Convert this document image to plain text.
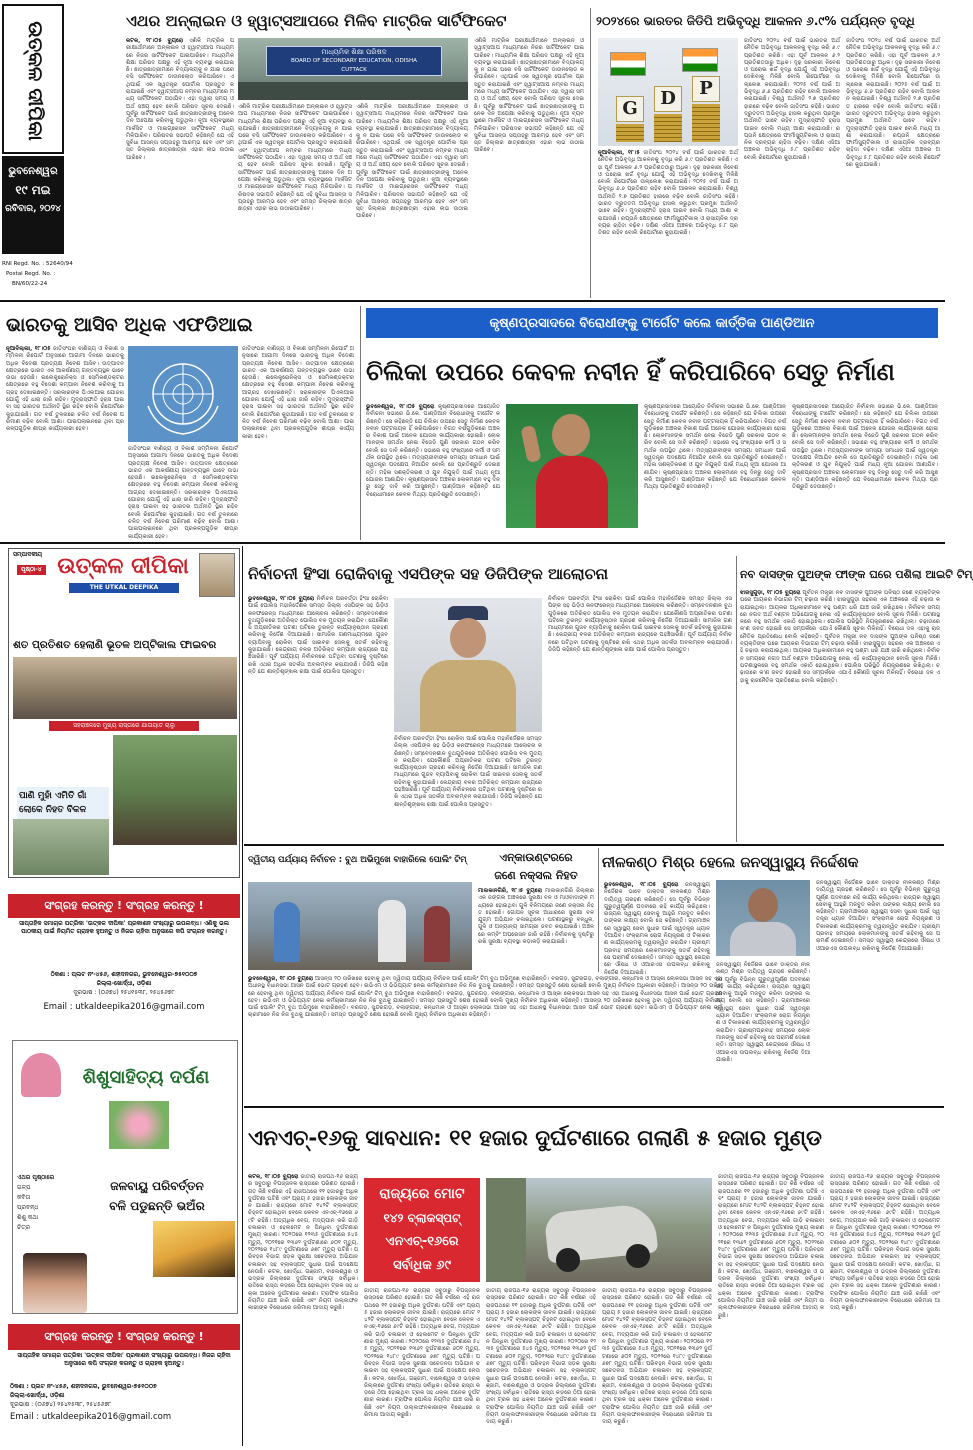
ଉତ୍କଳ ଦୀପିକା
ଭୁବନେଶ୍ୱର
୧୯ ମଇ
ରବିବାର, ୨୦୨୪
RNI Regd. No. : 52640/94
Postal Regd. No. :
BN/60/22-24
ଏଥର ଅନ୍‌ଲାଇନ ଓ ହ୍ୱାଟ୍ସଆପରେ ମିଳିବ ମାଟ୍ରିକ ସାର୍ଟିଫିକେଟ
କଟକ, ୧୮।୦୫ ବ୍ୟୁରୋ ଏଣିକି ମାଟ୍ରିକ ପରୀକ୍ଷାର୍ଥୀମାନେ ଅନ୍‌ଲାଇନ ଓ ହ୍ୱାଟ୍ସଆପ ମାଧ୍ୟମରେ ନିଜର ସାର୍ଟିଫିକେଟ ପାଇପାରିବେ। ମାଧ୍ୟମିକ ଶିକ୍ଷା ପରିଷଦ ପକ୍ଷରୁ ଏହି ନୂଆ ବ୍ୟବସ୍ଥା କରାଯାଇଛି। ଛାତ୍ରଛାତ୍ରୀମାନେ ବିଦ୍ୟାଳୟକୁ ନ ଯାଇ ଘରେ ବସି ସାର୍ଟିଫିକେଟ ଡାଉନଲୋଡ କରିପାରିବେ। ଏଥିପାଇଁ ଏକ ସ୍ୱତନ୍ତ୍ର ପୋର୍ଟାଲ ପ୍ରସ୍ତୁତ କରାଯାଇଛି ଏବଂ ହ୍ୱାଟ୍ସଆପ ନମ୍ବର ମାଧ୍ୟମରେ ମଧ୍ୟ ସାର୍ଟିଫିକେଟ ପଠାଯିବ। ଏହା ଦ୍ୱାରା ସମୟ ଓ ଅର୍ଥ ସଞ୍ଚୟ ହେବ ବୋଲି ପରିଷଦ ସୂଚନା ଦେଇଛି। ପୂର୍ବରୁ ସାର୍ଟିଫିକେଟ ପାଇଁ ଛାତ୍ରଛାତ୍ରୀଙ୍କୁ ଅନେକ ଦିନ ଅପେକ୍ଷା କରିବାକୁ ପଡୁଥିଲା। ନୂଆ ବ୍ୟବସ୍ଥାରେ ମାର୍କସିଟ ଓ ମାଇଗ୍ରେସନ ସାର୍ଟିଫିକେଟ ମଧ୍ୟ ମିଳିପାରିବ। ପରିଷଦର ସଭାପତି କହିଛନ୍ତି ଯେ ଏହି ସୁବିଧା ଆସନ୍ତା ସପ୍ତାହରୁ ଆରମ୍ଭ ହେବ ଏବଂ ସମସ୍ତ ଜିଲ୍ଲାର ଛାତ୍ରଛାତ୍ରୀ ଏହାର ଲାଭ ଉଠାଇପାରିବେ।
ମାଧ୍ୟମିକ ଶିକ୍ଷା ପରିଷଦ
BOARD OF SECONDARY EDUCATION, ODISHA
CUTTACK
ଏଣିକି ମାଟ୍ରିକ ପରୀକ୍ଷାର୍ଥୀମାନେ ଅନ୍‌ଲାଇନ ଓ ହ୍ୱାଟ୍ସଆପ ମାଧ୍ୟମରେ ନିଜର ସାର୍ଟିଫିକେଟ ପାଇପାରିବେ। ମାଧ୍ୟମିକ ଶିକ୍ଷା ପରିଷଦ ପକ୍ଷରୁ ଏହି ନୂଆ ବ୍ୟବସ୍ଥା କରାଯାଇଛି। ଛାତ୍ରଛାତ୍ରୀମାନେ ବିଦ୍ୟାଳୟକୁ ନ ଯାଇ ଘରେ ବସି ସାର୍ଟିଫିକେଟ ଡାଉନଲୋଡ କରିପାରିବେ। ଏଥିପାଇଁ ଏକ ସ୍ୱତନ୍ତ୍ର ପୋର୍ଟାଲ ପ୍ରସ୍ତୁତ କରାଯାଇଛି ଏବଂ ହ୍ୱାଟ୍ସଆପ ନମ୍ବର ମାଧ୍ୟମରେ ମଧ୍ୟ ସାର୍ଟିଫିକେଟ ପଠାଯିବ। ଏହା ଦ୍ୱାରା ସମୟ ଓ ଅର୍ଥ ସଞ୍ଚୟ ହେବ ବୋଲି ପରିଷଦ ସୂଚନା ଦେଇଛି। ପୂର୍ବରୁ ସାର୍ଟିଫିକେଟ ପାଇଁ ଛାତ୍ରଛାତ୍ରୀଙ୍କୁ ଅନେକ ଦିନ ଅପେକ୍ଷା କରିବାକୁ ପଡୁଥିଲା। ନୂଆ ବ୍ୟବସ୍ଥାରେ ମାର୍କସିଟ ଓ ମାଇଗ୍ରେସନ ସାର୍ଟିଫିକେଟ ମଧ୍ୟ ମିଳିପାରିବ। ପରିଷଦର ସଭାପତି କହିଛନ୍ତି ଯେ ଏହି ସୁବିଧା ଆସନ୍ତା ସପ୍ତାହରୁ ଆରମ୍ଭ ହେବ ଏବଂ ସମସ୍ତ ଜିଲ୍ଲାର ଛାତ୍ରଛାତ୍ରୀ ଏହାର ଲାଭ ଉଠାଇପାରିବେ।
ଏଣିକି ମାଟ୍ରିକ ପରୀକ୍ଷାର୍ଥୀମାନେ ଅନ୍‌ଲାଇନ ଓ ହ୍ୱାଟ୍ସଆପ ମାଧ୍ୟମରେ ନିଜର ସାର୍ଟିଫିକେଟ ପାଇପାରିବେ। ମାଧ୍ୟମିକ ଶିକ୍ଷା ପରିଷଦ ପକ୍ଷରୁ ଏହି ନୂଆ ବ୍ୟବସ୍ଥା କରାଯାଇଛି। ଛାତ୍ରଛାତ୍ରୀମାନେ ବିଦ୍ୟାଳୟକୁ ନ ଯାଇ ଘରେ ବସି ସାର୍ଟିଫିକେଟ ଡାଉନଲୋଡ କରିପାରିବେ। ଏଥିପାଇଁ ଏକ ସ୍ୱତନ୍ତ୍ର ପୋର୍ଟାଲ ପ୍ରସ୍ତୁତ କରାଯାଇଛି ଏବଂ ହ୍ୱାଟ୍ସଆପ ନମ୍ବର ମାଧ୍ୟମରେ ମଧ୍ୟ ସାର୍ଟିଫିକେଟ ପଠାଯିବ। ଏହା ଦ୍ୱାରା ସମୟ ଓ ଅର୍ଥ ସଞ୍ଚୟ ହେବ ବୋଲି ପରିଷଦ ସୂଚନା ଦେଇଛି। ପୂର୍ବରୁ ସାର୍ଟିଫିକେଟ ପାଇଁ ଛାତ୍ରଛାତ୍ରୀଙ୍କୁ ଅନେକ ଦିନ ଅପେକ୍ଷା କରିବାକୁ ପଡୁଥିଲା। ନୂଆ ବ୍ୟବସ୍ଥାରେ ମାର୍କସିଟ ଓ ମାଇଗ୍ରେସନ ସାର୍ଟିଫିକେଟ ମଧ୍ୟ ମିଳିପାରିବ। ପରିଷଦର ସଭାପତି କହିଛନ୍ତି ଯେ ଏହି ସୁବିଧା ଆସନ୍ତା ସପ୍ତାହରୁ ଆରମ୍ଭ ହେବ ଏବଂ ସମସ୍ତ ଜିଲ୍ଲାର ଛାତ୍ରଛାତ୍ରୀ ଏହାର ଲାଭ ଉଠାଇପାରିବେ।
ଏଣିକି ମାଟ୍ରିକ ପରୀକ୍ଷାର୍ଥୀମାନେ ଅନ୍‌ଲାଇନ ଓ ହ୍ୱାଟ୍ସଆପ ମାଧ୍ୟମରେ ନିଜର ସାର୍ଟିଫିକେଟ ପାଇପାରିବେ। ମାଧ୍ୟମିକ ଶିକ୍ଷା ପରିଷଦ ପକ୍ଷରୁ ଏହି ନୂଆ ବ୍ୟବସ୍ଥା କରାଯାଇଛି। ଛାତ୍ରଛାତ୍ରୀମାନେ ବିଦ୍ୟାଳୟକୁ ନ ଯାଇ ଘରେ ବସି ସାର୍ଟିଫିକେଟ ଡାଉନଲୋଡ କରିପାରିବେ। ଏଥିପାଇଁ ଏକ ସ୍ୱତନ୍ତ୍ର ପୋର୍ଟାଲ ପ୍ରସ୍ତୁତ କରାଯାଇଛି ଏବଂ ହ୍ୱାଟ୍ସଆପ ନମ୍ବର ମାଧ୍ୟମରେ ମଧ୍ୟ ସାର୍ଟିଫିକେଟ ପଠାଯିବ। ଏହା ଦ୍ୱାରା ସମୟ ଓ ଅର୍ଥ ସଞ୍ଚୟ ହେବ ବୋଲି ପରିଷଦ ସୂଚନା ଦେଇଛି। ପୂର୍ବରୁ ସାର୍ଟିଫିକେଟ ପାଇଁ ଛାତ୍ରଛାତ୍ରୀଙ୍କୁ ଅନେକ ଦିନ ଅପେକ୍ଷା କରିବାକୁ ପଡୁଥିଲା। ନୂଆ ବ୍ୟବସ୍ଥାରେ ମାର୍କସିଟ ଓ ମାଇଗ୍ରେସନ ସାର୍ଟିଫିକେଟ ମଧ୍ୟ ମିଳିପାରିବ। ପରିଷଦର ସଭାପତି କହିଛନ୍ତି ଯେ ଏହି ସୁବିଧା ଆସନ୍ତା ସପ୍ତାହରୁ ଆରମ୍ଭ ହେବ ଏବଂ ସମସ୍ତ ଜିଲ୍ଲାର ଛାତ୍ରଛାତ୍ରୀ ଏହାର ଲାଭ ଉଠାଇପାରିବେ।
୨୦୨୪ରେ ଭାରତର ଜିଡିପି ଅଭିବୃଦ୍ଧି ଆକଳନ ୬.୯% ପର୍ଯ୍ୟନ୍ତ ବୃଦ୍ଧି
G	D	P
ନୂଆଦିଲ୍ଲୀ, ୧୮।୫ ଜାତିସଂଘ ୨୦୨୪ ବର୍ଷ ପାଇଁ ଭାରତର ଅର୍ଥନୈତିକ ଅଭିବୃଦ୍ଧି ଆକଳନକୁ ବୃଦ୍ଧି କରି ୬.୯ ପ୍ରତିଶତ କରିଛି। ଏହା ପୂର୍ବ ଆକଳନ ୬.୨ ପ୍ରତିଶତଠାରୁ ଅଧିକ। ଦୃଢ଼ ସରକାରୀ ନିବେଶ ଓ ଘରୋଇ ଖର୍ଚ୍ଚ ବୃଦ୍ଧି ଯୋଗୁଁ ଏହି ଅଭିବୃଦ୍ଧି ଦେଖିବାକୁ ମିଳିଛି ବୋଲି ରିପୋର୍ଟରେ ଉଲ୍ଲେଖ କରାଯାଇଛି। ୨୦୨୫ ବର୍ଷ ପାଇଁ ଅଭିବୃଦ୍ଧି ୬.୬ ପ୍ରତିଶତ ରହିବ ବୋଲି ଆକଳନ କରାଯାଇଛି। ବିଶ୍ୱ ଅର୍ଥନୀତି ୨.୭ ପ୍ରତିଶତ ହାରରେ ବଢ଼ିବ ବୋଲି ଜାତିସଂଘ କହିଛି। ଭାରତ ଦ୍ରୁତତମ ଅଭିବୃଦ୍ଧି ହାସଲ କରୁଥିବା ପ୍ରମୁଖ ଅର୍ଥନୀତି ଭାବେ ରହିବ। ମୁଦ୍ରାସ୍ଫୀତି ହ୍ରାସ ପାଇବ ବୋଲି ମଧ୍ୟ ଆଶା କରାଯାଉଛି। ରପ୍ତାନି କ୍ଷେତ୍ରରେ ଫାର୍ମାସ୍ୟୁଟିକାଲ ଓ ରାସାୟନିକ ଦ୍ରବ୍ୟର ଚାହିଦା ବଢ଼ିବ। ଦକ୍ଷିଣ ଏସିଆ ଅଞ୍ଚଳର ଅଭିବୃଦ୍ଧି ୫.୮ ପ୍ରତିଶତ ରହିବ ବୋଲି ରିପୋର୍ଟରେ କୁହାଯାଇଛି।
ଜାତିସଂଘ ୨୦୨୪ ବର୍ଷ ପାଇଁ ଭାରତର ଅର୍ଥନୈତିକ ଅଭିବୃଦ୍ଧି ଆକଳନକୁ ବୃଦ୍ଧି କରି ୬.୯ ପ୍ରତିଶତ କରିଛି। ଏହା ପୂର୍ବ ଆକଳନ ୬.୨ ପ୍ରତିଶତଠାରୁ ଅଧିକ। ଦୃଢ଼ ସରକାରୀ ନିବେଶ ଓ ଘରୋଇ ଖର୍ଚ୍ଚ ବୃଦ୍ଧି ଯୋଗୁଁ ଏହି ଅଭିବୃଦ୍ଧି ଦେଖିବାକୁ ମିଳିଛି ବୋଲି ରିପୋର୍ଟରେ ଉଲ୍ଲେଖ କରାଯାଇଛି। ୨୦୨୫ ବର୍ଷ ପାଇଁ ଅଭିବୃଦ୍ଧି ୬.୬ ପ୍ରତିଶତ ରହିବ ବୋଲି ଆକଳନ କରାଯାଇଛି। ବିଶ୍ୱ ଅର୍ଥନୀତି ୨.୭ ପ୍ରତିଶତ ହାରରେ ବଢ଼ିବ ବୋଲି ଜାତିସଂଘ କହିଛି। ଭାରତ ଦ୍ରୁତତମ ଅଭିବୃଦ୍ଧି ହାସଲ କରୁଥିବା ପ୍ରମୁଖ ଅର୍ଥନୀତି ଭାବେ ରହିବ। ମୁଦ୍ରାସ୍ଫୀତି ହ୍ରାସ ପାଇବ ବୋଲି ମଧ୍ୟ ଆଶା କରାଯାଉଛି। ରପ୍ତାନି କ୍ଷେତ୍ରରେ ଫାର୍ମାସ୍ୟୁଟିକାଲ ଓ ରାସାୟନିକ ଦ୍ରବ୍ୟର ଚାହିଦା ବଢ଼ିବ। ଦକ୍ଷିଣ ଏସିଆ ଅଞ୍ଚଳର ଅଭିବୃଦ୍ଧି ୫.୮ ପ୍ରତିଶତ ରହିବ ବୋଲି ରିପୋର୍ଟରେ କୁହାଯାଇଛି।
ଜାତିସଂଘ ୨୦୨୪ ବର୍ଷ ପାଇଁ ଭାରତର ଅର୍ଥନୈତିକ ଅଭିବୃଦ୍ଧି ଆକଳନକୁ ବୃଦ୍ଧି କରି ୬.୯ ପ୍ରତିଶତ କରିଛି। ଏହା ପୂର୍ବ ଆକଳନ ୬.୨ ପ୍ରତିଶତଠାରୁ ଅଧିକ। ଦୃଢ଼ ସରକାରୀ ନିବେଶ ଓ ଘରୋଇ ଖର୍ଚ୍ଚ ବୃଦ୍ଧି ଯୋଗୁଁ ଏହି ଅଭିବୃଦ୍ଧି ଦେଖିବାକୁ ମିଳିଛି ବୋଲି ରିପୋର୍ଟରେ ଉଲ୍ଲେଖ କରାଯାଇଛି। ୨୦୨୫ ବର୍ଷ ପାଇଁ ଅଭିବୃଦ୍ଧି ୬.୬ ପ୍ରତିଶତ ରହିବ ବୋଲି ଆକଳନ କରାଯାଇଛି। ବିଶ୍ୱ ଅର୍ଥନୀତି ୨.୭ ପ୍ରତିଶତ ହାରରେ ବଢ଼ିବ ବୋଲି ଜାତିସଂଘ କହିଛି। ଭାରତ ଦ୍ରୁତତମ ଅଭିବୃଦ୍ଧି ହାସଲ କରୁଥିବା ପ୍ରମୁଖ ଅର୍ଥନୀତି ଭାବେ ରହିବ। ମୁଦ୍ରାସ୍ଫୀତି ହ୍ରାସ ପାଇବ ବୋଲି ମଧ୍ୟ ଆଶା କରାଯାଉଛି। ରପ୍ତାନି କ୍ଷେତ୍ରରେ ଫାର୍ମାସ୍ୟୁଟିକାଲ ଓ ରାସାୟନିକ ଦ୍ରବ୍ୟର ଚାହିଦା ବଢ଼ିବ। ଦକ୍ଷିଣ ଏସିଆ ଅଞ୍ଚଳର ଅଭିବୃଦ୍ଧି ୫.୮ ପ୍ରତିଶତ ରହିବ ବୋଲି ରିପୋର୍ଟରେ କୁହାଯାଇଛି।
ଭାରତକୁ ଆସିବ ଅଧିକ ଏଫଡିଆଇ
ନୂଆଦିଲ୍ଲୀ, ୧୮।୦୫ ଜାତିସଂଘର ବାଣିଜ୍ୟ ଓ ବିକାଶ ସମ୍ମିଳନୀ ରିପୋର୍ଟ ଅନୁସାରେ ଆଗାମୀ ଦିନରେ ଭାରତକୁ ଅଧିକ ବିଦେଶୀ ପ୍ରତ୍ୟକ୍ଷ ନିବେଶ ଆସିବ। ଉତ୍ପାଦନ କ୍ଷେତ୍ରରେ ଭାରତ ଏକ ଆକର୍ଷଣୀୟ ଗନ୍ତବ୍ୟସ୍ଥଳ ଭାବେ ଉଭା ହେଉଛି। ଇଲେକ୍ଟ୍ରୋନିକ୍ସ ଓ ସେମିକଣ୍ଡକ୍ଟର କ୍ଷେତ୍ରରେ ବହୁ ବିଦେଶୀ କମ୍ପାନୀ ନିବେଶ କରିବାକୁ ଆଗ୍ରହ ଦେଖାଇଛନ୍ତି। ସରକାରଙ୍କ ପିଏଲଆଇ ଯୋଜନା ଯୋଗୁଁ ଏହି ଧାରା ଜାରି ରହିବ। ମୁଦ୍ରାସ୍ଫୀତି ହ୍ରାସ ପାଇବା ସହ ଭାରତର ଅର୍ଥନୀତି ସ୍ଥିର ରହିବ ବୋଲି ରିପୋର୍ଟରେ କୁହାଯାଇଛି। ଗତ ବର୍ଷ ତୁଳନାରେ ଚଳିତ ବର୍ଷ ନିବେଶ ପରିମାଣ ବଢ଼ିବ ବୋଲି ଆଶା। ପାଇପଲାଇନରେ ଥିବା ପ୍ରକଳ୍ପଗୁଡ଼ିକ ଶୀଘ୍ର କାର୍ଯ୍ୟକାରୀ ହେବ।
ଜାତିସଂଘର ବାଣିଜ୍ୟ ଓ ବିକାଶ ସମ୍ମିଳନୀ ରିପୋର୍ଟ ଅନୁସାରେ ଆଗାମୀ ଦିନରେ ଭାରତକୁ ଅଧିକ ବିଦେଶୀ ପ୍ରତ୍ୟକ୍ଷ ନିବେଶ ଆସିବ। ଉତ୍ପାଦନ କ୍ଷେତ୍ରରେ ଭାରତ ଏକ ଆକର୍ଷଣୀୟ ଗନ୍ତବ୍ୟସ୍ଥଳ ଭାବେ ଉଭା ହେଉଛି। ଇଲେକ୍ଟ୍ରୋନିକ୍ସ ଓ ସେମିକଣ୍ଡକ୍ଟର କ୍ଷେତ୍ରରେ ବହୁ ବିଦେଶୀ କମ୍ପାନୀ ନିବେଶ କରିବାକୁ ଆଗ୍ରହ ଦେଖାଇଛନ୍ତି। ସରକାରଙ୍କ ପିଏଲଆଇ ଯୋଜନା ଯୋଗୁଁ ଏହି ଧାରା ଜାରି ରହିବ। ମୁଦ୍ରାସ୍ଫୀତି ହ୍ରାସ ପାଇବା ସହ ଭାରତର ଅର୍ଥନୀତି ସ୍ଥିର ରହିବ ବୋଲି ରିପୋର୍ଟରେ କୁହାଯାଇଛି। ଗତ ବର୍ଷ ତୁଳନାରେ ଚଳିତ ବର୍ଷ ନିବେଶ ପରିମାଣ ବଢ଼ିବ ବୋଲି ଆଶା। ପାଇପଲାଇନରେ ଥିବା ପ୍ରକଳ୍ପଗୁଡ଼ିକ ଶୀଘ୍ର କାର୍ଯ୍ୟକାରୀ ହେବ।
ଜାତିସଂଘର ବାଣିଜ୍ୟ ଓ ବିକାଶ ସମ୍ମିଳନୀ ରିପୋର୍ଟ ଅନୁସାରେ ଆଗାମୀ ଦିନରେ ଭାରତକୁ ଅଧିକ ବିଦେଶୀ ପ୍ରତ୍ୟକ୍ଷ ନିବେଶ ଆସିବ। ଉତ୍ପାଦନ କ୍ଷେତ୍ରରେ ଭାରତ ଏକ ଆକର୍ଷଣୀୟ ଗନ୍ତବ୍ୟସ୍ଥଳ ଭାବେ ଉଭା ହେଉଛି। ଇଲେକ୍ଟ୍ରୋନିକ୍ସ ଓ ସେମିକଣ୍ଡକ୍ଟର କ୍ଷେତ୍ରରେ ବହୁ ବିଦେଶୀ କମ୍ପାନୀ ନିବେଶ କରିବାକୁ ଆଗ୍ରହ ଦେଖାଇଛନ୍ତି। ସରକାରଙ୍କ ପିଏଲଆଇ ଯୋଜନା ଯୋଗୁଁ ଏହି ଧାରା ଜାରି ରହିବ। ମୁଦ୍ରାସ୍ଫୀତି ହ୍ରାସ ପାଇବା ସହ ଭାରତର ଅର୍ଥନୀତି ସ୍ଥିର ରହିବ ବୋଲି ରିପୋର୍ଟରେ କୁହାଯାଇଛି। ଗତ ବର୍ଷ ତୁଳନାରେ ଚଳିତ ବର୍ଷ ନିବେଶ ପରିମାଣ ବଢ଼ିବ ବୋଲି ଆଶା। ପାଇପଲାଇନରେ ଥିବା ପ୍ରକଳ୍ପଗୁଡ଼ିକ ଶୀଘ୍ର କାର୍ଯ୍ୟକାରୀ ହେବ।
କୃଷ୍ଣପ୍ରସାଦରେ ବିରୋଧୀଙ୍କୁ ଟାର୍ଗେଟ କଲେ କାର୍ତ୍ତିକ ପାଣ୍ଡିଆନ
ଚିଲିକା ଉପରେ କେବଳ ନବୀନ ହିଁ କରିପାରିବେ ସେତୁ ନିର୍ମାଣ
ଭୁବନେଶ୍ୱର, ୧୮।୦୫ ବ୍ୟୁରୋ କୃଷ୍ଣପ୍ରସାଦରେ ଆୟୋଜିତ ନିର୍ବାଚନୀ ସଭାରେ ଭି.କେ. ପାଣ୍ଡିଆନ ବିରୋଧୀଙ୍କୁ ଟାର୍ଗେଟ କରିଛନ୍ତି। ସେ କହିଛନ୍ତି ଯେ ଚିଲିକା ଉପରେ ସେତୁ ନିର୍ମାଣ କେବଳ ନବୀନ ପଟ୍ଟନାୟକ ହିଁ କରିପାରିବେ। ବିଗତ ବର୍ଷଗୁଡ଼ିକରେ ଅଞ୍ଚଳର ବିକାଶ ପାଇଁ ଅନେକ ଯୋଜନା କାର୍ଯ୍ୟକାରୀ ହୋଇଛି। ଲୋକମାନଙ୍କ ସମର୍ଥନ ନେଇ ବିଜେଡି ପୁଣି ସରକାର ଗଠନ କରିବ ବୋଲି ସେ ଦାବି କରିଛନ୍ତି। ସଭାରେ ବହୁ ସଂଖ୍ୟାରେ କର୍ମୀ ଓ ସମର୍ଥକ ଉପସ୍ଥିତ ଥିଲେ। ମତ୍ସ୍ୟଜୀବୀଙ୍କ ସମସ୍ୟା ସମାଧାନ ପାଇଁ ସ୍ୱତନ୍ତ୍ର ପଦକ୍ଷେପ ନିଆଯିବ ବୋଲି ସେ ପ୍ରତିଶ୍ରୁତି ଦେଇଛନ୍ତି। ମହିଳା ସଶକ୍ତିକରଣ ଓ ଯୁବ ନିଯୁକ୍ତି ପାଇଁ ମଧ୍ୟ ନୂଆ ଯୋଜନା ଆଣାଯିବ। କୃଷ୍ଣପ୍ରସାଦ ଅଞ୍ଚଳର ଲୋକମାନେ ବହୁ ଦିନରୁ ସେତୁ ଦାବି କରି ଆସୁଛନ୍ତି। ପାଣ୍ଡିଆନ କହିଛନ୍ତି ଯେ ବିରୋଧୀମାନେ କେବଳ ମିଥ୍ୟା ପ୍ରତିଶ୍ରୁତି ଦେଉଛନ୍ତି।
କୃଷ୍ଣପ୍ରସାଦରେ ଆୟୋଜିତ ନିର୍ବାଚନୀ ସଭାରେ ଭି.କେ. ପାଣ୍ଡିଆନ ବିରୋଧୀଙ୍କୁ ଟାର୍ଗେଟ କରିଛନ୍ତି। ସେ କହିଛନ୍ତି ଯେ ଚିଲିକା ଉପରେ ସେତୁ ନିର୍ମାଣ କେବଳ ନବୀନ ପଟ୍ଟନାୟକ ହିଁ କରିପାରିବେ। ବିଗତ ବର୍ଷଗୁଡ଼ିକରେ ଅଞ୍ଚଳର ବିକାଶ ପାଇଁ ଅନେକ ଯୋଜନା କାର୍ଯ୍ୟକାରୀ ହୋଇଛି। ଲୋକମାନଙ୍କ ସମର୍ଥନ ନେଇ ବିଜେଡି ପୁଣି ସରକାର ଗଠନ କରିବ ବୋଲି ସେ ଦାବି କରିଛନ୍ତି। ସଭାରେ ବହୁ ସଂଖ୍ୟାରେ କର୍ମୀ ଓ ସମର୍ଥକ ଉପସ୍ଥିତ ଥିଲେ। ମତ୍ସ୍ୟଜୀବୀଙ୍କ ସମସ୍ୟା ସମାଧାନ ପାଇଁ ସ୍ୱତନ୍ତ୍ର ପଦକ୍ଷେପ ନିଆଯିବ ବୋଲି ସେ ପ୍ରତିଶ୍ରୁତି ଦେଇଛନ୍ତି। ମହିଳା ସଶକ୍ତିକରଣ ଓ ଯୁବ ନିଯୁକ୍ତି ପାଇଁ ମଧ୍ୟ ନୂଆ ଯୋଜନା ଆଣାଯିବ। କୃଷ୍ଣପ୍ରସାଦ ଅଞ୍ଚଳର ଲୋକମାନେ ବହୁ ଦିନରୁ ସେତୁ ଦାବି କରି ଆସୁଛନ୍ତି। ପାଣ୍ଡିଆନ କହିଛନ୍ତି ଯେ ବିରୋଧୀମାନେ କେବଳ ମିଥ୍ୟା ପ୍ରତିଶ୍ରୁତି ଦେଉଛନ୍ତି।
କୃଷ୍ଣପ୍ରସାଦରେ ଆୟୋଜିତ ନିର୍ବାଚନୀ ସଭାରେ ଭି.କେ. ପାଣ୍ଡିଆନ ବିରୋଧୀଙ୍କୁ ଟାର୍ଗେଟ କରିଛନ୍ତି। ସେ କହିଛନ୍ତି ଯେ ଚିଲିକା ଉପରେ ସେତୁ ନିର୍ମାଣ କେବଳ ନବୀନ ପଟ୍ଟନାୟକ ହିଁ କରିପାରିବେ। ବିଗତ ବର୍ଷଗୁଡ଼ିକରେ ଅଞ୍ଚଳର ବିକାଶ ପାଇଁ ଅନେକ ଯୋଜନା କାର୍ଯ୍ୟକାରୀ ହୋଇଛି। ଲୋକମାନଙ୍କ ସମର୍ଥନ ନେଇ ବିଜେଡି ପୁଣି ସରକାର ଗଠନ କରିବ ବୋଲି ସେ ଦାବି କରିଛନ୍ତି। ସଭାରେ ବହୁ ସଂଖ୍ୟାରେ କର୍ମୀ ଓ ସମର୍ଥକ ଉପସ୍ଥିତ ଥିଲେ। ମତ୍ସ୍ୟଜୀବୀଙ୍କ ସମସ୍ୟା ସମାଧାନ ପାଇଁ ସ୍ୱତନ୍ତ୍ର ପଦକ୍ଷେପ ନିଆଯିବ ବୋଲି ସେ ପ୍ରତିଶ୍ରୁତି ଦେଇଛନ୍ତି। ମହିଳା ସଶକ୍ତିକରଣ ଓ ଯୁବ ନିଯୁକ୍ତି ପାଇଁ ମଧ୍ୟ ନୂଆ ଯୋଜନା ଆଣାଯିବ। କୃଷ୍ଣପ୍ରସାଦ ଅଞ୍ଚଳର ଲୋକମାନେ ବହୁ ଦିନରୁ ସେତୁ ଦାବି କରି ଆସୁଛନ୍ତି। ପାଣ୍ଡିଆନ କହିଛନ୍ତି ଯେ ବିରୋଧୀମାନେ କେବଳ ମିଥ୍ୟା ପ୍ରତିଶ୍ରୁତି ଦେଉଛନ୍ତି।
ସମ୍ପାଦକୀୟ
ପୃଷ୍ଠା-୪ ଉତ୍କଳ ଦୀପିକା
THE UTKAL DEEPIKA
ଶତ ପ୍ରତିଶତ ହେଲାଣି ଭୂତଳ ଅପ୍‌ଟିକାଲ ଫାଇବର
ସହରାଞ୍ଚଳରେ ମୁଖ୍ୟ ରାସ୍ତାରେ ଯାତାୟାତ ଚାଲୁ
ପାଣି ମୁହାଁ ଏମିତି ଗାଁ ଲୋକେ ନିହତ ବିକଳ
ସଂଗ୍ରହ କରନ୍ତୁ ! ସଂଗ୍ରହ କରନ୍ତୁ !
ସାପ୍ତାହିକ ସମାଚାର ପତ୍ରିକା 'ଉତ୍କଳ ଦୀପିକା' ପ୍ରକାଶନ ସଂଖ୍ୟାରୁ ଉପଲବ୍ଧ। ଏଣିକୁ ଭଲ ପାଠକୀୟ ପାଇଁ ନିୟମିତ ଗ୍ରାହକ ହୁଅନ୍ତୁ ଓ ନିଜର ଚାହିଦା ଅନୁସାରେ କପି ସଂଗ୍ରହ କରନ୍ତୁ।
ଠିକଣା : ପ୍ଲଟ ନଂ-୪୫୬, ଶହୀଦନଗର, ଭୁବନେଶ୍ୱର-୭୫୧୦୦୭
ଜିଲ୍ଲା-ଖୋର୍ଦ୍ଧା, ଓଡ଼ିଶା
ଦୂରଭାଷ : (୦୬୭୪) ୨୫୪୧୫୩୮, ୨୫୪୫୬୭୮
Email : utkaldeepika2016@gmail.com
ଶିଶୁସାହିତ୍ୟ ଦର୍ପଣ
ଏଥର ପୃଷ୍ଠାରେ
ଗଳ୍ପ
କବିତା
ପ୍ରବନ୍ଧ
ଶିଶୁ କଥା
ଚିତ୍ର
ଜଳବାୟୁ ପରିବର୍ତ୍ତନ
ବଳି ପଡୁଛନ୍ତି ଭଅଁର
ସଂଗ୍ରହ କରନ୍ତୁ ! ସଂଗ୍ରହ କରନ୍ତୁ !
ସାପ୍ତାହିକ ସମାଚାର ପତ୍ରିକା 'ଉତ୍କଳ ଦୀପିକା' ପ୍ରକାଶନ ସଂଖ୍ୟାରୁ ଉପଲବ୍ଧ। ନିଜର ଚାହିଦା ଅନୁସାରେ କପି ସଂଗ୍ରହ କରନ୍ତୁ ଓ ଗ୍ରାହକ ହୁଅନ୍ତୁ।
ଠିକଣା : ପ୍ଲଟ ନଂ-୪୫୬, ଶହୀଦନଗର, ଭୁବନେଶ୍ୱର-୭୫୧୦୦୭
ଜିଲ୍ଲା-ଖୋର୍ଦ୍ଧା, ଓଡ଼ିଶା
ଦୂରଭାଷ : (୦୬୭୪) ୨୫୪୧୫୩୮, ୨୫୪୫୬୭୮
Email : utkaldeepika2016@gmail.com
ନିର୍ବାଚନୀ ହିଂସା ରୋକିବାକୁ ଏସପିଙ୍କ ସହ ଡିଜିପିଙ୍କ ଆଲୋଚନା
ଭୁବନେଶ୍ୱର, ୧୮।୦୫ ବ୍ୟୁରୋ ନିର୍ବାଚନ ପରବର୍ତ୍ତୀ ହିଂସା ରୋକିବା ପାଇଁ ପୋଲିସ ମହାନିର୍ଦ୍ଦେଶକ ସମସ୍ତ ଜିଲ୍ଲା ଏସପିଙ୍କ ସହ ଭିଡ଼ିଓ କନଫରେନ୍ସ ମାଧ୍ୟମରେ ଆଲୋଚନା କରିଛନ୍ତି। ସମ୍ବେଦନଶୀଳ ବୁଥଗୁଡ଼ିକରେ ଅତିରିକ୍ତ ପୋଲିସ ବଳ ମୁତୟନ କରାଯିବ। ଯେକୌଣସି ଅପ୍ରୀତିକର ଘଟଣା ଘଟିଲେ ତୁରନ୍ତ କାର୍ଯ୍ୟାନୁଷ୍ଠାନ ଗ୍ରହଣ କରିବାକୁ ନିର୍ଦ୍ଦେଶ ଦିଆଯାଇଛି। ସାମାଜିକ ଗଣମାଧ୍ୟମରେ ଗୁଜବ ବ୍ୟାପିବାକୁ ରୋକିବା ପାଇଁ ସାଇବର ସେଲକୁ ସତର୍କ ରହିବାକୁ କୁହାଯାଇଛି। କେନ୍ଦ୍ରୀୟ ବଳର ଅତିରିକ୍ତ କମ୍ପାନୀ ରାଜ୍ୟରେ ପହଞ୍ଚିସାରିଛି। ପୂର୍ବ ପର୍ଯ୍ୟାୟ ନିର୍ବାଚନରେ ଘଟିଥିବା ଘଟଣାକୁ ଦୃଷ୍ଟିରେ ରଖି ଏଥର ଅଧିକ ସତର୍କତା ଅବଲମ୍ବନ କରାଯାଉଛି। ଡିଜିପି କହିଛନ୍ତି ଯେ ଶାନ୍ତିଶୃଙ୍ଖଳା ରକ୍ଷା ପାଇଁ ପୋଲିସ ପ୍ରସ୍ତୁତ।
ନିର୍ବାଚନ ପରବର୍ତ୍ତୀ ହିଂସା ରୋକିବା ପାଇଁ ପୋଲିସ ମହାନିର୍ଦ୍ଦେଶକ ସମସ୍ତ ଜିଲ୍ଲା ଏସପିଙ୍କ ସହ ଭିଡ଼ିଓ କନଫରେନ୍ସ ମାଧ୍ୟମରେ ଆଲୋଚନା କରିଛନ୍ତି। ସମ୍ବେଦନଶୀଳ ବୁଥଗୁଡ଼ିକରେ ଅତିରିକ୍ତ ପୋଲିସ ବଳ ମୁତୟନ କରାଯିବ। ଯେକୌଣସି ଅପ୍ରୀତିକର ଘଟଣା ଘଟିଲେ ତୁରନ୍ତ କାର୍ଯ୍ୟାନୁଷ୍ଠାନ ଗ୍ରହଣ କରିବାକୁ ନିର୍ଦ୍ଦେଶ ଦିଆଯାଇଛି। ସାମାଜିକ ଗଣମାଧ୍ୟମରେ ଗୁଜବ ବ୍ୟାପିବାକୁ ରୋକିବା ପାଇଁ ସାଇବର ସେଲକୁ ସତର୍କ ରହିବାକୁ କୁହାଯାଇଛି। କେନ୍ଦ୍ରୀୟ ବଳର ଅତିରିକ୍ତ କମ୍ପାନୀ ରାଜ୍ୟରେ ପହଞ୍ଚିସାରିଛି। ପୂର୍ବ ପର୍ଯ୍ୟାୟ ନିର୍ବାଚନରେ ଘଟିଥିବା ଘଟଣାକୁ ଦୃଷ୍ଟିରେ ରଖି ଏଥର ଅଧିକ ସତର୍କତା ଅବଲମ୍ବନ କରାଯାଉଛି। ଡିଜିପି କହିଛନ୍ତି ଯେ ଶାନ୍ତିଶୃଙ୍ଖଳା ରକ୍ଷା ପାଇଁ ପୋଲିସ ପ୍ରସ୍ତୁତ।
ନିର୍ବାଚନ ପରବର୍ତ୍ତୀ ହିଂସା ରୋକିବା ପାଇଁ ପୋଲିସ ମହାନିର୍ଦ୍ଦେଶକ ସମସ୍ତ ଜିଲ୍ଲା ଏସପିଙ୍କ ସହ ଭିଡ଼ିଓ କନଫରେନ୍ସ ମାଧ୍ୟମରେ ଆଲୋଚନା କରିଛନ୍ତି। ସମ୍ବେଦନଶୀଳ ବୁଥଗୁଡ଼ିକରେ ଅତିରିକ୍ତ ପୋଲିସ ବଳ ମୁତୟନ କରାଯିବ। ଯେକୌଣସି ଅପ୍ରୀତିକର ଘଟଣା ଘଟିଲେ ତୁରନ୍ତ କାର୍ଯ୍ୟାନୁଷ୍ଠାନ ଗ୍ରହଣ କରିବାକୁ ନିର୍ଦ୍ଦେଶ ଦିଆଯାଇଛି। ସାମାଜିକ ଗଣମାଧ୍ୟମରେ ଗୁଜବ ବ୍ୟାପିବାକୁ ରୋକିବା ପାଇଁ ସାଇବର ସେଲକୁ ସତର୍କ ରହିବାକୁ କୁହାଯାଇଛି। କେନ୍ଦ୍ରୀୟ ବଳର ଅତିରିକ୍ତ କମ୍ପାନୀ ରାଜ୍ୟରେ ପହଞ୍ଚିସାରିଛି। ପୂର୍ବ ପର୍ଯ୍ୟାୟ ନିର୍ବାଚନରେ ଘଟିଥିବା ଘଟଣାକୁ ଦୃଷ୍ଟିରେ ରଖି ଏଥର ଅଧିକ ସତର୍କତା ଅବଲମ୍ବନ କରାଯାଉଛି। ଡିଜିପି କହିଛନ୍ତି ଯେ ଶାନ୍ତିଶୃଙ୍ଖଳା ରକ୍ଷା ପାଇଁ ପୋଲିସ ପ୍ରସ୍ତୁତ।
ନବ ଦାସଙ୍କ ପୁଅଙ୍କ ଫୀଙ୍କ ଘରେ ପଶିଲା ଆଇଟି ଟିମ୍
ଝାରସୁଗୁଡ଼ା, ୧୮।୦୫ ବ୍ୟୁରୋ ପୂର୍ବତନ ମନ୍ତ୍ରୀ ନବ ଦାସଙ୍କ ପୁଅଙ୍କ ଘନିଷ୍ଠ ଜଣେ ବ୍ୟକ୍ତିଙ୍କ ଘରେ ଆୟକର ବିଭାଗର ଟିମ୍ ଚଢ଼ାଉ କରିଛି। ଝାରସୁଗୁଡ଼ା ସହରର ଏକ ଅଞ୍ଚଳରେ ଏହି ଚଢ଼ାଉ କରାଯାଇଥିଲା। ଆୟକର ଅଧିକାରୀମାନେ ବହୁ ଘଣ୍ଟା ଧରି ଯାଞ୍ଚ ଜାରି ରଖିଥିଲେ। ନିର୍ବାଚନ ସମୟରେ ନଗଦ ଅର୍ଥ ବଣ୍ଟନ ଅଭିଯୋଗକୁ ନେଇ ଏହି କାର୍ଯ୍ୟାନୁଷ୍ଠାନ ବୋଲି ସୂଚନା ମିଳିଛି। ଘଟଣାସ୍ଥଳରେ ବହୁ ସମର୍ଥକ ଏକାଠି ହୋଇଥିଲେ। ପୋଲିସ ପରିସ୍ଥିତି ନିୟନ୍ତ୍ରଣରେ ରଖିଥିଲା। ଚଢ଼ାଉରେ କ'ଣ ଜବତ ହୋଇଛି ସେ ସମ୍ପର୍କରେ ଏଯାଏଁ କୌଣସି ସୂଚନା ମିଳିନାହିଁ। ବିରୋଧୀ ଦଳ ଏହାକୁ ରାଜନୈତିକ ପ୍ରତିଶୋଧ ବୋଲି କହିଛନ୍ତି। ପୂର୍ବତନ ମନ୍ତ୍ରୀ ନବ ଦାସଙ୍କ ପୁଅଙ୍କ ଘନିଷ୍ଠ ଜଣେ ବ୍ୟକ୍ତିଙ୍କ ଘରେ ଆୟକର ବିଭାଗର ଟିମ୍ ଚଢ଼ାଉ କରିଛି। ଝାରସୁଗୁଡ଼ା ସହରର ଏକ ଅଞ୍ଚଳରେ ଏହି ଚଢ଼ାଉ କରାଯାଇଥିଲା। ଆୟକର ଅଧିକାରୀମାନେ ବହୁ ଘଣ୍ଟା ଧରି ଯାଞ୍ଚ ଜାରି ରଖିଥିଲେ। ନିର୍ବାଚନ ସମୟରେ ନଗଦ ଅର୍ଥ ବଣ୍ଟନ ଅଭିଯୋଗକୁ ନେଇ ଏହି କାର୍ଯ୍ୟାନୁଷ୍ଠାନ ବୋଲି ସୂଚନା ମିଳିଛି। ଘଟଣାସ୍ଥଳରେ ବହୁ ସମର୍ଥକ ଏକାଠି ହୋଇଥିଲେ। ପୋଲିସ ପରିସ୍ଥିତି ନିୟନ୍ତ୍ରଣରେ ରଖିଥିଲା। ଚଢ଼ାଉରେ କ'ଣ ଜବତ ହୋଇଛି ସେ ସମ୍ପର୍କରେ ଏଯାଏଁ କୌଣସି ସୂଚନା ମିଳିନାହିଁ। ବିରୋଧୀ ଦଳ ଏହାକୁ ରାଜନୈତିକ ପ୍ରତିଶୋଧ ବୋଲି କହିଛନ୍ତି।
ଦ୍ୱିତୀୟ ପର୍ଯ୍ୟାୟ ନିର୍ବାଚନ : ବୁଥ ଅଭିମୁଖେ ବାହାରିଲେ ପୋଲିଂ ଟିମ୍
ଭୁବନେଶ୍ୱର, ୧୮।୦୫ ବ୍ୟୁରୋ ଆସନ୍ତା ୨୦ ତାରିଖରେ ହେବାକୁ ଥିବା ଦ୍ୱିତୀୟ ପର୍ଯ୍ୟାୟ ନିର୍ବାଚନ ପାଇଁ ପୋଲିଂ ଟିମ୍ ବୁଥ ଅଭିମୁଖେ ବାହାରିଛନ୍ତି। ବରଗଡ଼, ସୁନ୍ଦରଗଡ଼, ବଲାଙ୍ଗୀର, କନ୍ଧମାଳ ଓ ଆସ୍କା ଲୋକସଭା ଆସନ ସହ ଏହା ଅଧୀନସ୍ଥ ବିଧାନସଭା ଆସନ ପାଇଁ ଭୋଟ ଗ୍ରହଣ ହେବ। ଇଭିଏମ ଓ ଭିଭିପ୍ୟାଟ ନେଇ କର୍ମଚାରୀମାନେ ନିଜ ନିଜ ବୁଥକୁ ଯାଇଛନ୍ତି। ସମସ୍ତ ପ୍ରସ୍ତୁତି ଶେଷ ହୋଇଛି ବୋଲି ମୁଖ୍ୟ ନିର୍ବାଚନ ଅଧିକାରୀ କହିଛନ୍ତି। ଆସନ୍ତା ୨୦ ତାରିଖରେ ହେବାକୁ ଥିବା ଦ୍ୱିତୀୟ ପର୍ଯ୍ୟାୟ ନିର୍ବାଚନ ପାଇଁ ପୋଲିଂ ଟିମ୍ ବୁଥ ଅଭିମୁଖେ ବାହାରିଛନ୍ତି। ବରଗଡ଼, ସୁନ୍ଦରଗଡ଼, ବଲାଙ୍ଗୀର, କନ୍ଧମାଳ ଓ ଆସ୍କା ଲୋକସଭା ଆସନ ସହ ଏହା ଅଧୀନସ୍ଥ ବିଧାନସଭା ଆସନ ପାଇଁ ଭୋଟ ଗ୍ରହଣ ହେବ। ଇଭିଏମ ଓ ଭିଭିପ୍ୟାଟ ନେଇ କର୍ମଚାରୀମାନେ ନିଜ ନିଜ ବୁଥକୁ ଯାଇଛନ୍ତି। ସମସ୍ତ ପ୍ରସ୍ତୁତି ଶେଷ ହୋଇଛି ବୋଲି ମୁଖ୍ୟ ନିର୍ବାଚନ ଅଧିକାରୀ କହିଛନ୍ତି। ଆସନ୍ତା ୨୦ ତାରିଖରେ ହେବାକୁ ଥିବା ଦ୍ୱିତୀୟ ପର୍ଯ୍ୟାୟ ନିର୍ବାଚନ ପାଇଁ ପୋଲିଂ ଟିମ୍ ବୁଥ ଅଭିମୁଖେ ବାହାରିଛନ୍ତି। ବରଗଡ଼, ସୁନ୍ଦରଗଡ଼, ବଲାଙ୍ଗୀର, କନ୍ଧମାଳ ଓ ଆସ୍କା ଲୋକସଭା ଆସନ ସହ ଏହା ଅଧୀନସ୍ଥ ବିଧାନସଭା ଆସନ ପାଇଁ ଭୋଟ ଗ୍ରହଣ ହେବ। ଇଭିଏମ ଓ ଭିଭିପ୍ୟାଟ ନେଇ କର୍ମଚାରୀମାନେ ନିଜ ନିଜ ବୁଥକୁ ଯାଇଛନ୍ତି। ସମସ୍ତ ପ୍ରସ୍ତୁତି ଶେଷ ହୋଇଛି ବୋଲି ମୁଖ୍ୟ ନିର୍ବାଚନ ଅଧିକାରୀ କହିଛନ୍ତି।
ଏନ୍‌କାଉଣ୍ଟରରେ
ଜଣେ ନକ୍ସଲ ନିହତ
ମାଲକାନଗିରି, ୧୮।୫ ବ୍ୟୁରୋ ମାଲକାନଗିରି ଜିଲ୍ଲାର ଏକ ଜଙ୍ଗଲ ଅଞ୍ଚଳରେ ସୁରକ୍ଷା ବଳ ଓ ମାଓବାଦୀଙ୍କ ମଧ୍ୟରେ ହୋଇଥିବା ଗୁଳି ବିନିମୟରେ ଜଣେ ନକ୍ସଲ ନିହତ ହୋଇଛି। ଗୋପନ ସୂଚନା ଆଧାରରେ ସୁରକ୍ଷା ବଳ ଯୁଗ୍ମ ଅଭିଯାନ ଚଳାଇଥିଲେ। ଘଟଣାସ୍ଥଳରୁ ବନ୍ଧୁକ, ଗୁଳି ଓ ଅନ୍ୟାନ୍ୟ ସାମଗ୍ରୀ ଜବତ କରାଯାଇଛି। ଅଞ୍ଚଳରେ କମ୍ବିଂ ଅପରେସନ ଜାରି ରହିଛି। ନିର୍ବାଚନକୁ ଦୃଷ୍ଟିରୁ ରଖି ସୁରକ୍ଷା ବ୍ୟବସ୍ଥା କଡ଼ାକଡ଼ି କରାଯାଇଛି।
ନୀଳକଣ୍ଠ ମିଶ୍ର ହେଲେ ଜନସ୍ୱାସ୍ଥ୍ୟ ନିର୍ଦ୍ଦେଶକ
ଭୁବନେଶ୍ୱର, ୧୮।୦୫ ବ୍ୟୁରୋ ଜନସ୍ୱାସ୍ଥ୍ୟ ନିର୍ଦ୍ଦେଶକ ଭାବେ ଡାକ୍ତର ନୀଳକଣ୍ଠ ମିଶ୍ର ଦାୟିତ୍ୱ ଗ୍ରହଣ କରିଛନ୍ତି। ସେ ପୂର୍ବରୁ ବିଭିନ୍ନ ଗୁରୁତ୍ୱପୂର୍ଣ୍ଣ ପଦବୀରେ ରହି କାର୍ଯ୍ୟ କରିଥିଲେ। ରାଜ୍ୟର ସ୍ୱାସ୍ଥ୍ୟ ସେବାକୁ ଆହୁରି ମଜବୁତ କରିବା ତାଙ୍କର ଲକ୍ଷ୍ୟ ବୋଲି ସେ କହିଛନ୍ତି। ଗ୍ରାମାଞ୍ଚଳରେ ସ୍ୱାସ୍ଥ୍ୟ ସେବା ସୁଧାର ପାଇଁ ସ୍ୱତନ୍ତ୍ର ଧ୍ୟାନ ଦିଆଯିବ। ସଂକ୍ରାମକ ରୋଗ ନିୟନ୍ତ୍ରଣ ଓ ଟିକାକରଣ କାର୍ଯ୍ୟକ୍ରମକୁ ତ୍ୱରାନ୍ୱିତ କରାଯିବ। ଗ୍ରୀଷ୍ମପ୍ରବାହ ସମୟରେ ଲୋକମାନଙ୍କୁ ସତର୍କ ରହିବାକୁ ସେ ପରାମର୍ଶ ଦେଇଛନ୍ତି। ସମସ୍ତ ସ୍ୱାସ୍ଥ୍ୟ କେନ୍ଦ୍ରରେ ଔଷଧ ଓ ଓଆରଏସ ଉପଲବ୍ଧ ରଖିବାକୁ ନିର୍ଦ୍ଦେଶ ଦିଆଯାଇଛି।
ଜନସ୍ୱାସ୍ଥ୍ୟ ନିର୍ଦ୍ଦେଶକ ଭାବେ ଡାକ୍ତର ନୀଳକଣ୍ଠ ମିଶ୍ର ଦାୟିତ୍ୱ ଗ୍ରହଣ କରିଛନ୍ତି। ସେ ପୂର୍ବରୁ ବିଭିନ୍ନ ଗୁରୁତ୍ୱପୂର୍ଣ୍ଣ ପଦବୀରେ ରହି କାର୍ଯ୍ୟ କରିଥିଲେ। ରାଜ୍ୟର ସ୍ୱାସ୍ଥ୍ୟ ସେବାକୁ ଆହୁରି ମଜବୁତ କରିବା ତାଙ୍କର ଲକ୍ଷ୍ୟ ବୋଲି ସେ କହିଛନ୍ତି। ଗ୍ରାମାଞ୍ଚଳରେ ସ୍ୱାସ୍ଥ୍ୟ ସେବା ସୁଧାର ପାଇଁ ସ୍ୱତନ୍ତ୍ର ଧ୍ୟାନ ଦିଆଯିବ। ସଂକ୍ରାମକ ରୋଗ ନିୟନ୍ତ୍ରଣ ଓ ଟିକାକରଣ କାର୍ଯ୍ୟକ୍ରମକୁ ତ୍ୱରାନ୍ୱିତ କରାଯିବ। ଗ୍ରୀଷ୍ମପ୍ରବାହ ସମୟରେ ଲୋକମାନଙ୍କୁ ସତର୍କ ରହିବାକୁ ସେ ପରାମର୍ଶ ଦେଇଛନ୍ତି। ସମସ୍ତ ସ୍ୱାସ୍ଥ୍ୟ କେନ୍ଦ୍ରରେ ଔଷଧ ଓ ଓଆରଏସ ଉପଲବ୍ଧ ରଖିବାକୁ ନିର୍ଦ୍ଦେଶ ଦିଆଯାଇଛି।
ଜନସ୍ୱାସ୍ଥ୍ୟ ନିର୍ଦ୍ଦେଶକ ଭାବେ ଡାକ୍ତର ନୀଳକଣ୍ଠ ମିଶ୍ର ଦାୟିତ୍ୱ ଗ୍ରହଣ କରିଛନ୍ତି। ସେ ପୂର୍ବରୁ ବିଭିନ୍ନ ଗୁରୁତ୍ୱପୂର୍ଣ୍ଣ ପଦବୀରେ ରହି କାର୍ଯ୍ୟ କରିଥିଲେ। ରାଜ୍ୟର ସ୍ୱାସ୍ଥ୍ୟ ସେବାକୁ ଆହୁରି ମଜବୁତ କରିବା ତାଙ୍କର ଲକ୍ଷ୍ୟ ବୋଲି ସେ କହିଛନ୍ତି। ଗ୍ରାମାଞ୍ଚଳରେ ସ୍ୱାସ୍ଥ୍ୟ ସେବା ସୁଧାର ପାଇଁ ସ୍ୱତନ୍ତ୍ର ଧ୍ୟାନ ଦିଆଯିବ। ସଂକ୍ରାମକ ରୋଗ ନିୟନ୍ତ୍ରଣ ଓ ଟିକାକରଣ କାର୍ଯ୍ୟକ୍ରମକୁ ତ୍ୱରାନ୍ୱିତ କରାଯିବ। ଗ୍ରୀଷ୍ମପ୍ରବାହ ସମୟରେ ଲୋକମାନଙ୍କୁ ସତର୍କ ରହିବାକୁ ସେ ପରାମର୍ଶ ଦେଇଛନ୍ତି। ସମସ୍ତ ସ୍ୱାସ୍ଥ୍ୟ କେନ୍ଦ୍ରରେ ଔଷଧ ଓ ଓଆରଏସ ଉପଲବ୍ଧ ରଖିବାକୁ ନିର୍ଦ୍ଦେଶ ଦିଆଯାଇଛି।
ଏନଏଚ୍-୧୬କୁ ସାବଧାନ: ୧୧ ହଜାର ଦୁର୍ଘଟଣାରେ ଗଲାଣି ୫ ହଜାର ମୁଣ୍ଡ
କଟକ, ୧୮।୦୫ ବ୍ୟୁରୋ ଜାତୀୟ ରାଜପଥ-୧୬ ରାଜ୍ୟର ସବୁଠାରୁ ବିପଜ୍ଜନକ ରାସ୍ତାରେ ପରିଣତ ହୋଇଛି। ଗତ କିଛି ବର୍ଷରେ ଏହି ରାଜପଥରେ ୧୧ ହଜାରରୁ ଅଧିକ ଦୁର୍ଘଟଣା ଘଟିଛି ଏବଂ ପ୍ରାୟ ୫ ହଜାର ଲୋକଙ୍କ ଜୀବନ ଯାଇଛି। ରାଜ୍ୟରେ ମୋଟ ୧୪୨ଟି ବ୍ଲାକସ୍ପଟ୍ ଚିହ୍ନଟ ହୋଇଥିବା ବେଳେ କେବଳ ଏନଏଚ୍-୧୬ରେ ୬୯ଟି ରହିଛି। ଅତ୍ୟଧିକ ବେଗ, ମଦ୍ୟପାନ କରି ଗାଡ଼ି ଚଳାଇବା ଓ ହେଲମେଟ ନ ପିନ୍ଧିବା ଦୁର୍ଘଟଣାର ମୁଖ୍ୟ କାରଣ। ୨୦୨୦ରେ ୧୨୩୫ ଦୁର୍ଘଟଣାରେ ୫୪୫ ମୃତ୍ୟୁ, ୨୦୨୧ରେ ୧୩୬୨ ଦୁର୍ଘଟଣାରେ ୬୦୧ ମୃତ୍ୟୁ, ୨୦୨୨ରେ ୧୪୮୯ ଦୁର୍ଘଟଣାରେ ୬୭୮ ମୃତ୍ୟୁ ଘଟିଛି। ପରିବହନ ବିଭାଗ ସଡ଼କ ସୁରକ୍ଷା ସଚେତନତା ଅଭିଯାନ ଚଳାଇବା ସହ ବ୍ଲାକସ୍ପଟ୍ ସୁଧାର ପାଇଁ ପଦକ୍ଷେପ ନେଉଛି। କଟକ, ଖୋର୍ଦ୍ଧା, ଗଞ୍ଜାମ, ବାଲେଶ୍ୱର ଓ ଭଦ୍ରକ ଜିଲ୍ଲାରେ ଦୁର୍ଘଟଣା ସଂଖ୍ୟା ସର୍ବାଧିକ। ରାତିରେ ରାସ୍ତା କଡ଼ରେ ଠିଆ ହୋଇଥିବା ଟ୍ରକ ସହ ଧକ୍କା ଅନେକ ଦୁର୍ଘଟଣାର କାରଣ। ଟ୍ରାଫିକ ପୋଲିସ ନିୟମିତ ଯାଞ୍ଚ ଜାରି ରଖିଛି ଏବଂ ନିୟମ ଉଲ୍ଲଙ୍ଘନକାରୀଙ୍କ ବିରୋଧରେ ଜରିମାନା ଆଦାୟ କରୁଛି।
ରାଜ୍ୟରେ ମୋଟ
୧୪୨ ବ୍ଲାକସ୍ପଟ୍
ଏନଏଚ୍-୧୬ରେ
ସର୍ବାଧିକ ୬୯
ଜାତୀୟ ରାଜପଥ-୧୬ ରାଜ୍ୟର ସବୁଠାରୁ ବିପଜ୍ଜନକ ରାସ୍ତାରେ ପରିଣତ ହୋଇଛି। ଗତ କିଛି ବର୍ଷରେ ଏହି ରାଜପଥରେ ୧୧ ହଜାରରୁ ଅଧିକ ଦୁର୍ଘଟଣା ଘଟିଛି ଏବଂ ପ୍ରାୟ ୫ ହଜାର ଲୋକଙ୍କ ଜୀବନ ଯାଇଛି। ରାଜ୍ୟରେ ମୋଟ ୧୪୨ଟି ବ୍ଲାକସ୍ପଟ୍ ଚିହ୍ନଟ ହୋଇଥିବା ବେଳେ କେବଳ ଏନଏଚ୍-୧୬ରେ ୬୯ଟି ରହିଛି। ଅତ୍ୟଧିକ ବେଗ, ମଦ୍ୟପାନ କରି ଗାଡ଼ି ଚଳାଇବା ଓ ହେଲମେଟ ନ ପିନ୍ଧିବା ଦୁର୍ଘଟଣାର ମୁଖ୍ୟ କାରଣ। ୨୦୨୦ରେ ୧୨୩୫ ଦୁର୍ଘଟଣାରେ ୫୪୫ ମୃତ୍ୟୁ, ୨୦୨୧ରେ ୧୩୬୨ ଦୁର୍ଘଟଣାରେ ୬୦୧ ମୃତ୍ୟୁ, ୨୦୨୨ରେ ୧୪୮୯ ଦୁର୍ଘଟଣାରେ ୬୭୮ ମୃତ୍ୟୁ ଘଟିଛି। ପରିବହନ ବିଭାଗ ସଡ଼କ ସୁରକ୍ଷା ସଚେତନତା ଅଭିଯାନ ଚଳାଇବା ସହ ବ୍ଲାକସ୍ପଟ୍ ସୁଧାର ପାଇଁ ପଦକ୍ଷେପ ନେଉଛି। କଟକ, ଖୋର୍ଦ୍ଧା, ଗଞ୍ଜାମ, ବାଲେଶ୍ୱର ଓ ଭଦ୍ରକ ଜିଲ୍ଲାରେ ଦୁର୍ଘଟଣା ସଂଖ୍ୟା ସର୍ବାଧିକ। ରାତିରେ ରାସ୍ତା କଡ଼ରେ ଠିଆ ହୋଇଥିବା ଟ୍ରକ ସହ ଧକ୍କା ଅନେକ ଦୁର୍ଘଟଣାର କାରଣ। ଟ୍ରାଫିକ ପୋଲିସ ନିୟମିତ ଯାଞ୍ଚ ଜାରି ରଖିଛି ଏବଂ ନିୟମ ଉଲ୍ଲଙ୍ଘନକାରୀଙ୍କ ବିରୋଧରେ ଜରିମାନା ଆଦାୟ କରୁଛି।
ଜାତୀୟ ରାଜପଥ-୧୬ ରାଜ୍ୟର ସବୁଠାରୁ ବିପଜ୍ଜନକ ରାସ୍ତାରେ ପରିଣତ ହୋଇଛି। ଗତ କିଛି ବର୍ଷରେ ଏହି ରାଜପଥରେ ୧୧ ହଜାରରୁ ଅଧିକ ଦୁର୍ଘଟଣା ଘଟିଛି ଏବଂ ପ୍ରାୟ ୫ ହଜାର ଲୋକଙ୍କ ଜୀବନ ଯାଇଛି। ରାଜ୍ୟରେ ମୋଟ ୧୪୨ଟି ବ୍ଲାକସ୍ପଟ୍ ଚିହ୍ନଟ ହୋଇଥିବା ବେଳେ କେବଳ ଏନଏଚ୍-୧୬ରେ ୬୯ଟି ରହିଛି। ଅତ୍ୟଧିକ ବେଗ, ମଦ୍ୟପାନ କରି ଗାଡ଼ି ଚଳାଇବା ଓ ହେଲମେଟ ନ ପିନ୍ଧିବା ଦୁର୍ଘଟଣାର ମୁଖ୍ୟ କାରଣ। ୨୦୨୦ରେ ୧୨୩୫ ଦୁର୍ଘଟଣାରେ ୫୪୫ ମୃତ୍ୟୁ, ୨୦୨୧ରେ ୧୩୬୨ ଦୁର୍ଘଟଣାରେ ୬୦୧ ମୃତ୍ୟୁ, ୨୦୨୨ରେ ୧୪୮୯ ଦୁର୍ଘଟଣାରେ ୬୭୮ ମୃତ୍ୟୁ ଘଟିଛି। ପରିବହନ ବିଭାଗ ସଡ଼କ ସୁରକ୍ଷା ସଚେତନତା ଅଭିଯାନ ଚଳାଇବା ସହ ବ୍ଲାକସ୍ପଟ୍ ସୁଧାର ପାଇଁ ପଦକ୍ଷେପ ନେଉଛି। କଟକ, ଖୋର୍ଦ୍ଧା, ଗଞ୍ଜାମ, ବାଲେଶ୍ୱର ଓ ଭଦ୍ରକ ଜିଲ୍ଲାରେ ଦୁର୍ଘଟଣା ସଂଖ୍ୟା ସର୍ବାଧିକ। ରାତିରେ ରାସ୍ତା କଡ଼ରେ ଠିଆ ହୋଇଥିବା ଟ୍ରକ ସହ ଧକ୍କା ଅନେକ ଦୁର୍ଘଟଣାର କାରଣ। ଟ୍ରାଫିକ ପୋଲିସ ନିୟମିତ ଯାଞ୍ଚ ଜାରି ରଖିଛି ଏବଂ ନିୟମ ଉଲ୍ଲଙ୍ଘନକାରୀଙ୍କ ବିରୋଧରେ ଜରିମାନା ଆଦାୟ କରୁଛି।
ଜାତୀୟ ରାଜପଥ-୧୬ ରାଜ୍ୟର ସବୁଠାରୁ ବିପଜ୍ଜନକ ରାସ୍ତାରେ ପରିଣତ ହୋଇଛି। ଗତ କିଛି ବର୍ଷରେ ଏହି ରାଜପଥରେ ୧୧ ହଜାରରୁ ଅଧିକ ଦୁର୍ଘଟଣା ଘଟିଛି ଏବଂ ପ୍ରାୟ ୫ ହଜାର ଲୋକଙ୍କ ଜୀବନ ଯାଇଛି। ରାଜ୍ୟରେ ମୋଟ ୧୪୨ଟି ବ୍ଲାକସ୍ପଟ୍ ଚିହ୍ନଟ ହୋଇଥିବା ବେଳେ କେବଳ ଏନଏଚ୍-୧୬ରେ ୬୯ଟି ରହିଛି। ଅତ୍ୟଧିକ ବେଗ, ମଦ୍ୟପାନ କରି ଗାଡ଼ି ଚଳାଇବା ଓ ହେଲମେଟ ନ ପିନ୍ଧିବା ଦୁର୍ଘଟଣାର ମୁଖ୍ୟ କାରଣ। ୨୦୨୦ରେ ୧୨୩୫ ଦୁର୍ଘଟଣାରେ ୫୪୫ ମୃତ୍ୟୁ, ୨୦୨୧ରେ ୧୩୬୨ ଦୁର୍ଘଟଣାରେ ୬୦୧ ମୃତ୍ୟୁ, ୨୦୨୨ରେ ୧୪୮୯ ଦୁର୍ଘଟଣାରେ ୬୭୮ ମୃତ୍ୟୁ ଘଟିଛି। ପରିବହନ ବିଭାଗ ସଡ଼କ ସୁରକ୍ଷା ସଚେତନତା ଅଭିଯାନ ଚଳାଇବା ସହ ବ୍ଲାକସ୍ପଟ୍ ସୁଧାର ପାଇଁ ପଦକ୍ଷେପ ନେଉଛି। କଟକ, ଖୋର୍ଦ୍ଧା, ଗଞ୍ଜାମ, ବାଲେଶ୍ୱର ଓ ଭଦ୍ରକ ଜିଲ୍ଲାରେ ଦୁର୍ଘଟଣା ସଂଖ୍ୟା ସର୍ବାଧିକ। ରାତିରେ ରାସ୍ତା କଡ଼ରେ ଠିଆ ହୋଇଥିବା ଟ୍ରକ ସହ ଧକ୍କା ଅନେକ ଦୁର୍ଘଟଣାର କାରଣ। ଟ୍ରାଫିକ ପୋଲିସ ନିୟମିତ ଯାଞ୍ଚ ଜାରି ରଖିଛି ଏବଂ ନିୟମ ଉଲ୍ଲଙ୍ଘନକାରୀଙ୍କ ବିରୋଧରେ ଜରିମାନା ଆଦାୟ କରୁଛି।
ଜାତୀୟ ରାଜପଥ-୧୬ ରାଜ୍ୟର ସବୁଠାରୁ ବିପଜ୍ଜନକ ରାସ୍ତାରେ ପରିଣତ ହୋଇଛି। ଗତ କିଛି ବର୍ଷରେ ଏହି ରାଜପଥରେ ୧୧ ହଜାରରୁ ଅଧିକ ଦୁର୍ଘଟଣା ଘଟିଛି ଏବଂ ପ୍ରାୟ ୫ ହଜାର ଲୋକଙ୍କ ଜୀବନ ଯାଇଛି। ରାଜ୍ୟରେ ମୋଟ ୧୪୨ଟି ବ୍ଲାକସ୍ପଟ୍ ଚିହ୍ନଟ ହୋଇଥିବା ବେଳେ କେବଳ ଏନଏଚ୍-୧୬ରେ ୬୯ଟି ରହିଛି। ଅତ୍ୟଧିକ ବେଗ, ମଦ୍ୟପାନ କରି ଗାଡ଼ି ଚଳାଇବା ଓ ହେଲମେଟ ନ ପିନ୍ଧିବା ଦୁର୍ଘଟଣାର ମୁଖ୍ୟ କାରଣ। ୨୦୨୦ରେ ୧୨୩୫ ଦୁର୍ଘଟଣାରେ ୫୪୫ ମୃତ୍ୟୁ, ୨୦୨୧ରେ ୧୩୬୨ ଦୁର୍ଘଟଣାରେ ୬୦୧ ମୃତ୍ୟୁ, ୨୦୨୨ରେ ୧୪୮୯ ଦୁର୍ଘଟଣାରେ ୬୭୮ ମୃତ୍ୟୁ ଘଟିଛି। ପରିବହନ ବିଭାଗ ସଡ଼କ ସୁରକ୍ଷା ସଚେତନତା ଅଭିଯାନ ଚଳାଇବା ସହ ବ୍ଲାକସ୍ପଟ୍ ସୁଧାର ପାଇଁ ପଦକ୍ଷେପ ନେଉଛି। କଟକ, ଖୋର୍ଦ୍ଧା, ଗଞ୍ଜାମ, ବାଲେଶ୍ୱର ଓ ଭଦ୍ରକ ଜିଲ୍ଲାରେ ଦୁର୍ଘଟଣା ସଂଖ୍ୟା ସର୍ବାଧିକ। ରାତିରେ ରାସ୍ତା କଡ଼ରେ ଠିଆ ହୋଇଥିବା ଟ୍ରକ ସହ ଧକ୍କା ଅନେକ ଦୁର୍ଘଟଣାର କାରଣ। ଟ୍ରାଫିକ ପୋଲିସ ନିୟମିତ ଯାଞ୍ଚ ଜାରି ରଖିଛି ଏବଂ ନିୟମ ଉଲ୍ଲଙ୍ଘନକାରୀଙ୍କ ବିରୋଧରେ ଜରିମାନା ଆଦାୟ କରୁଛି।
ଜାତୀୟ ରାଜପଥ-୧୬ ରାଜ୍ୟର ସବୁଠାରୁ ବିପଜ୍ଜନକ ରାସ୍ତାରେ ପରିଣତ ହୋଇଛି। ଗତ କିଛି ବର୍ଷରେ ଏହି ରାଜପଥରେ ୧୧ ହଜାରରୁ ଅଧିକ ଦୁର୍ଘଟଣା ଘଟିଛି ଏବଂ ପ୍ରାୟ ୫ ହଜାର ଲୋକଙ୍କ ଜୀବନ ଯାଇଛି। ରାଜ୍ୟରେ ମୋଟ ୧୪୨ଟି ବ୍ଲାକସ୍ପଟ୍ ଚିହ୍ନଟ ହୋଇଥିବା ବେଳେ କେବଳ ଏନଏଚ୍-୧୬ରେ ୬୯ଟି ରହିଛି। ଅତ୍ୟଧିକ ବେଗ, ମଦ୍ୟପାନ କରି ଗାଡ଼ି ଚଳାଇବା ଓ ହେଲମେଟ ନ ପିନ୍ଧିବା ଦୁର୍ଘଟଣାର ମୁଖ୍ୟ କାରଣ। ୨୦୨୦ରେ ୧୨୩୫ ଦୁର୍ଘଟଣାରେ ୫୪୫ ମୃତ୍ୟୁ, ୨୦୨୧ରେ ୧୩୬୨ ଦୁର୍ଘଟଣାରେ ୬୦୧ ମୃତ୍ୟୁ, ୨୦୨୨ରେ ୧୪୮୯ ଦୁର୍ଘଟଣାରେ ୬୭୮ ମୃତ୍ୟୁ ଘଟିଛି। ପରିବହନ ବିଭାଗ ସଡ଼କ ସୁରକ୍ଷା ସଚେତନତା ଅଭିଯାନ ଚଳାଇବା ସହ ବ୍ଲାକସ୍ପଟ୍ ସୁଧାର ପାଇଁ ପଦକ୍ଷେପ ନେଉଛି। କଟକ, ଖୋର୍ଦ୍ଧା, ଗଞ୍ଜାମ, ବାଲେଶ୍ୱର ଓ ଭଦ୍ରକ ଜିଲ୍ଲାରେ ଦୁର୍ଘଟଣା ସଂଖ୍ୟା ସର୍ବାଧିକ। ରାତିରେ ରାସ୍ତା କଡ଼ରେ ଠିଆ ହୋଇଥିବା ଟ୍ରକ ସହ ଧକ୍କା ଅନେକ ଦୁର୍ଘଟଣାର କାରଣ। ଟ୍ରାଫିକ ପୋଲିସ ନିୟମିତ ଯାଞ୍ଚ ଜାରି ରଖିଛି ଏବଂ ନିୟମ ଉଲ୍ଲଙ୍ଘନକାରୀଙ୍କ ବିରୋଧରେ ଜରିମାନା ଆଦାୟ କରୁଛି।
